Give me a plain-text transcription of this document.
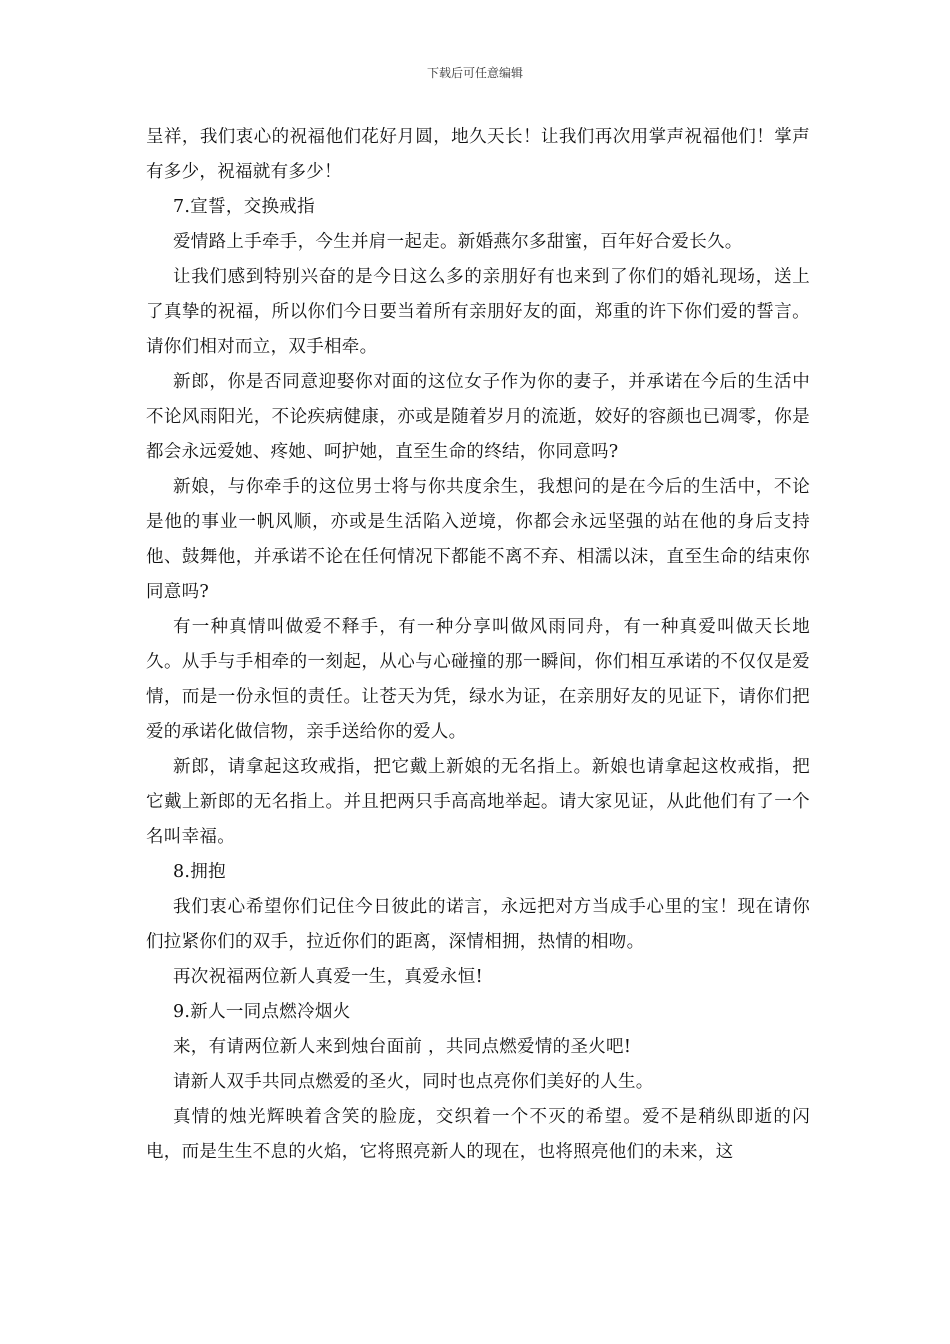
下载后可任意编辑

呈祥，我们衷心的祝福他们花好月圆，地久天长！让我们再次用掌声祝福他们！掌声有多少，祝福就有多少！

7.宣誓，交换戒指

爱情路上手牵手，今生并肩一起走。新婚燕尔多甜蜜，百年好合爱长久。

让我们感到特别兴奋的是今日这么多的亲朋好有也来到了你们的婚礼现场，送上了真挚的祝福，所以你们今日要当着所有亲朋好友的面，郑重的许下你们爱的誓言。请你们相对而立，双手相牵。

新郎，你是否同意迎娶你对面的这位女子作为你的妻子，并承诺在今后的生活中不论风雨阳光，不论疾病健康，亦或是随着岁月的流逝，姣好的容颜也已凋零，你是都会永远爱她、疼她、呵护她，直至生命的终结，你同意吗?

新娘，与你牵手的这位男士将与你共度余生，我想问的是在今后的生活中，不论是他的事业一帆风顺，亦或是生活陷入逆境，你都会永远坚强的站在他的身后支持他、鼓舞他，并承诺不论在任何情况下都能不离不弃、相濡以沫，直至生命的结束你同意吗?

有一种真情叫做爱不释手，有一种分享叫做风雨同舟，有一种真爱叫做天长地久。从手与手相牵的一刻起，从心与心碰撞的那一瞬间，你们相互承诺的不仅仅是爱情，而是一份永恒的责任。让苍天为凭，绿水为证，在亲朋好友的见证下，请你们把爱的承诺化做信物，亲手送给你的爱人。

新郎，请拿起这玫戒指，把它戴上新娘的无名指上。新娘也请拿起这枚戒指，把它戴上新郎的无名指上。并且把两只手高高地举起。请大家见证，从此他们有了一个名叫幸福。

8.拥抱

我们衷心希望你们记住今日彼此的诺言，永远把对方当成手心里的宝！现在请你们拉紧你们的双手，拉近你们的距离，深情相拥，热情的相吻。

再次祝福两位新人真爱一生，真爱永恒!

9.新人一同点燃冷烟火

来，有请两位新人来到烛台面前 ，共同点燃爱情的圣火吧!

请新人双手共同点燃爱的圣火，同时也点亮你们美好的人生。

真情的烛光辉映着含笑的脸庞，交织着一个不灭的希望。爱不是稍纵即逝的闪电，而是生生不息的火焰，它将照亮新人的现在，也将照亮他们的未来，这
